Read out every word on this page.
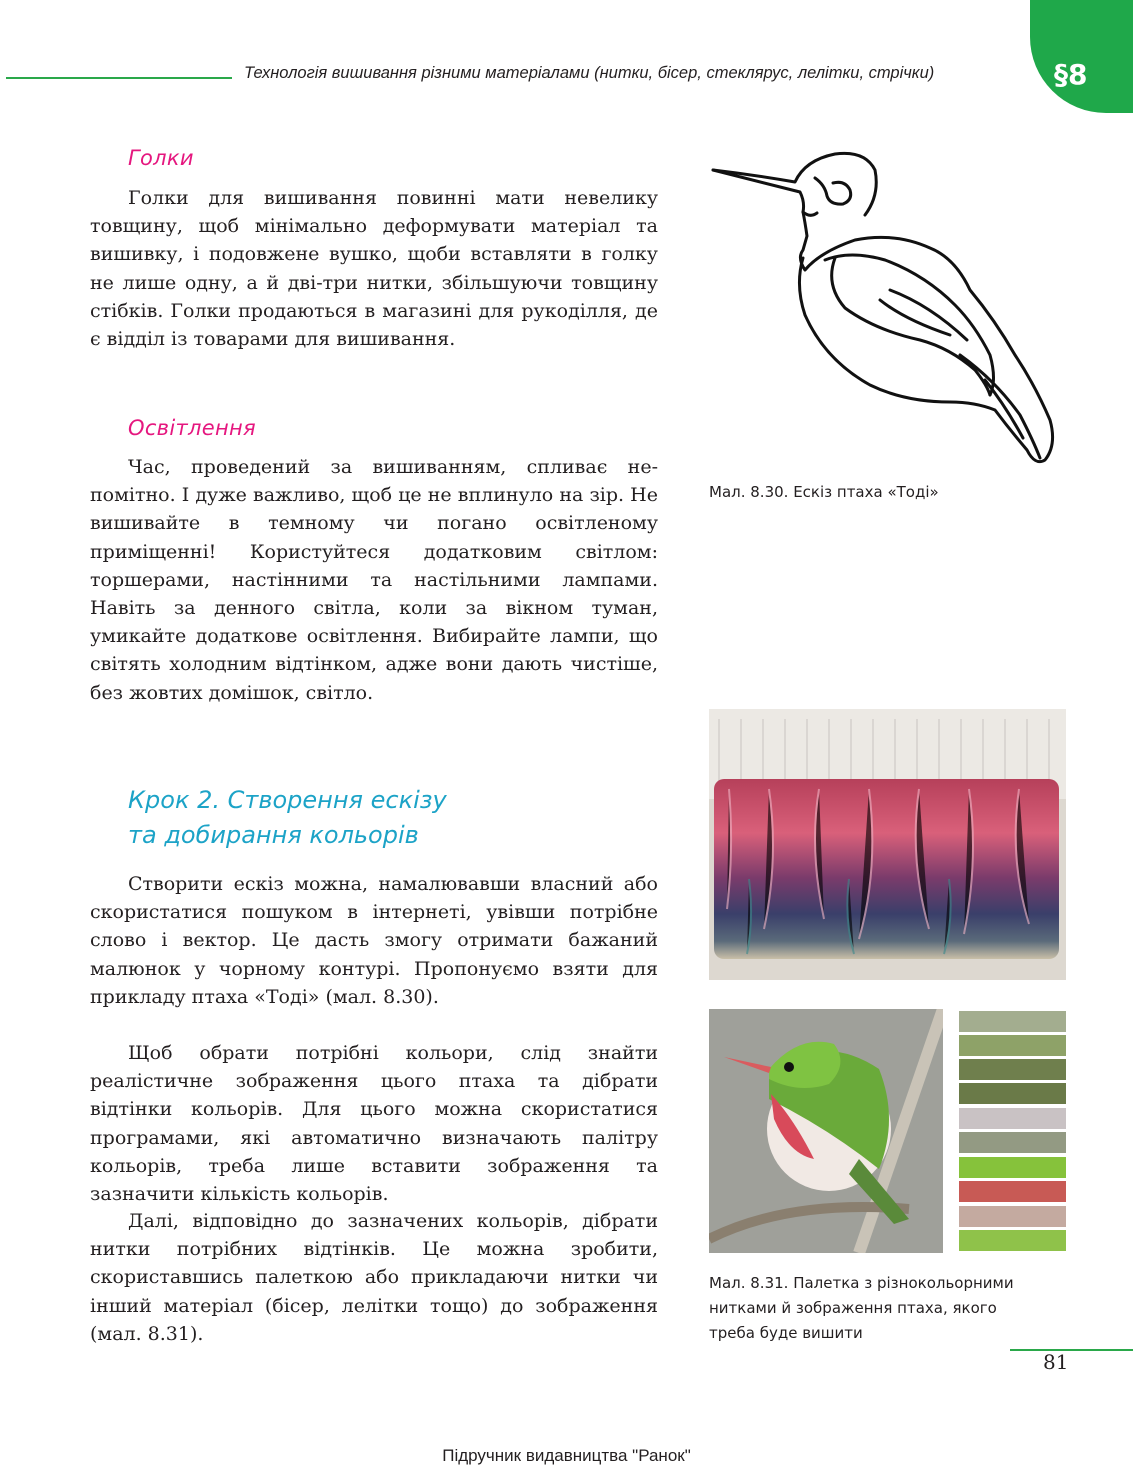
Технологія вишивання різними матеріалами (нитки, бісер, стеклярус, лелітки, стрічки)	§8
Голки
Голки для вишивання повинні мати невелику товщину, щоб мінімально деформувати матеріал та вишивку, і подовжене вушко, щоби вставляти в голку не лише одну, а й дві-три нитки, збільшуючи товщину стібків. Голки продаються в магазині для рукоділля, де є відділ із товарами для вишивання.
Освітлення
Час, проведений за вишиванням, спливає непомітно. І дуже важливо, щоб це не вплинуло на зір. Не вишивайте в темному чи погано освітленому приміщенні! Користуйтеся додатковим світлом: торшерами, настінними та настільними лампами. Навіть за денного світла, коли за вікном туман, умикайте додаткове освітлення. Вибирайте лампи, що світять холодним відтінком, адже вони дають чистіше, без жовтих домішок, світло.
Крок 2. Створення ескізу
та добирання кольорів
Створити ескіз можна, намалювавши власний або скористатися пошуком в інтернеті, увівши потрібне слово і вектор. Це дасть змогу отримати бажаний малюнок у чорному контурі. Пропонуємо взяти для прикладу птаха «Тоді» (мал. 8.30).
Щоб обрати потрібні кольори, слід знайти реалістичне зображення цього птаха та дібрати відтінки кольорів. Для цього можна скористатися програмами, які автоматично визначають палітру кольорів, треба лише вставити зображення та зазначити кількість кольорів.
Далі, відповідно до зазначених кольорів, дібрати нитки потрібних відтінків. Це можна зробити, скориставшись палеткою або прикладаючи нитки чи інший матеріал (бісер, лелітки тощо) до зображення (мал. 8.31).
Мал. 8.30. Ескіз птаха «Тоді»
Мал. 8.31. Палетка з різнокольорними
нитками й зображення птаха, якого
треба буде вишити
81
Підручник видавництва "Ранок"
